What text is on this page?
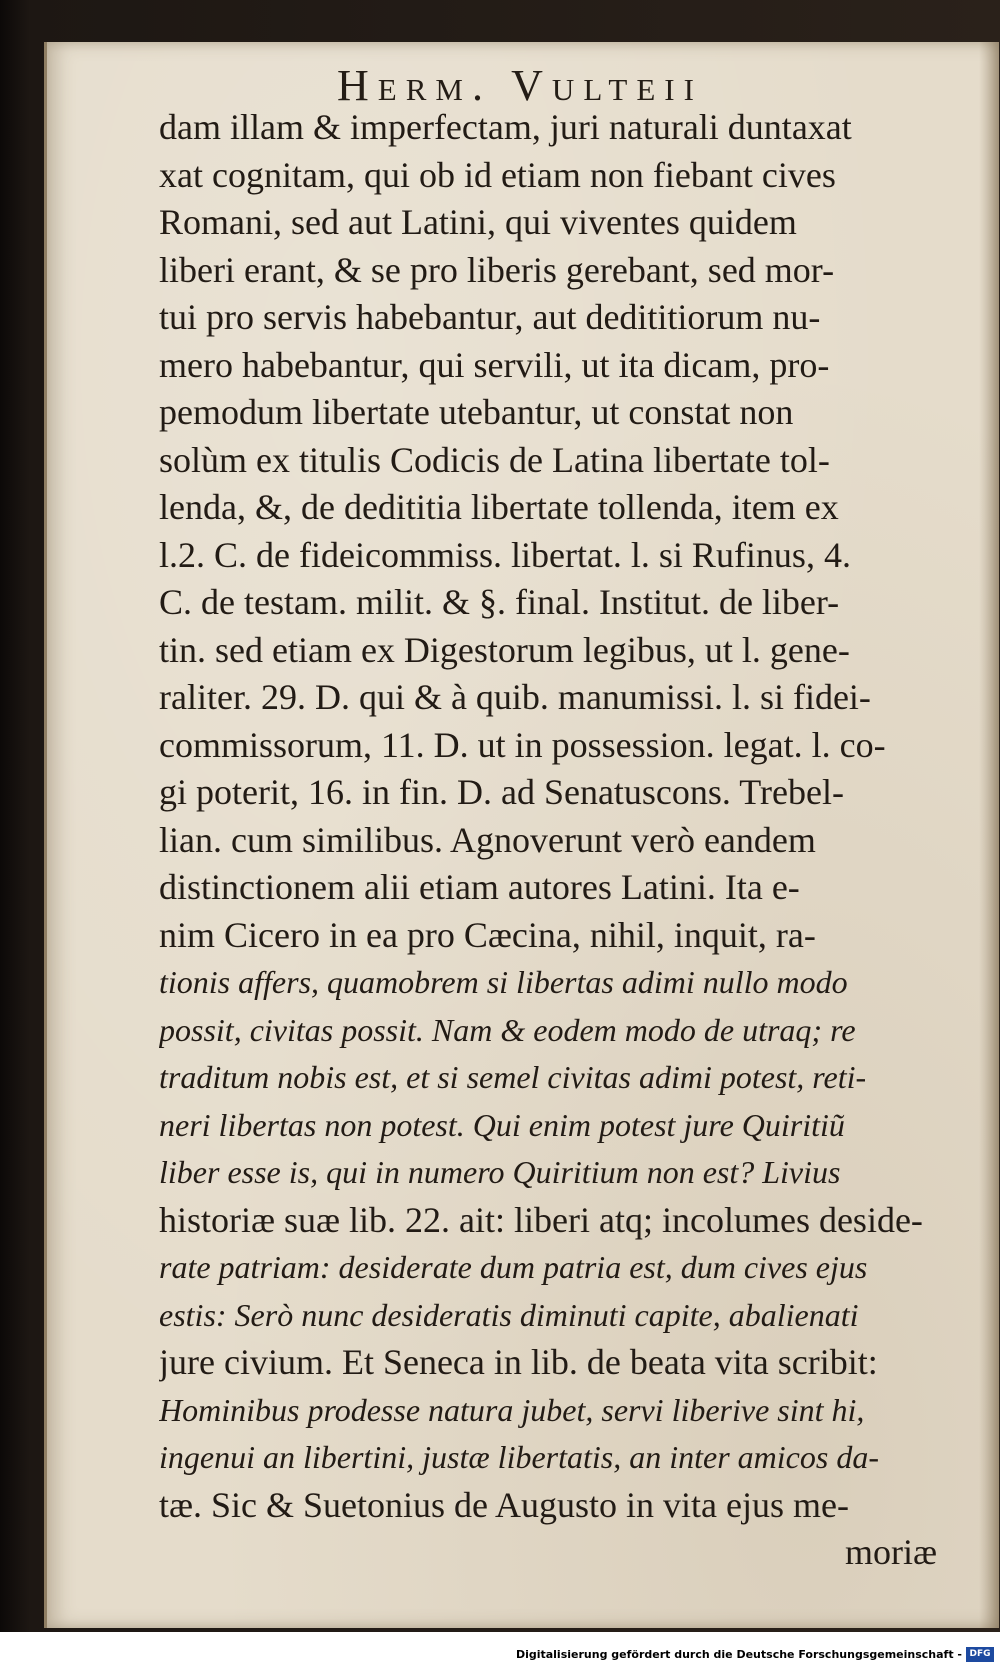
Herm. Vulteii
dam illam & imperfectam, juri naturali duntaxat
xat cognitam, qui ob id etiam non fiebant cives
Romani, sed aut Latini, qui viventes quidem
liberi erant, & se pro liberis gerebant, sed mor-
tui pro servis habebantur, aut dedititiorum nu-
mero habebantur, qui servili, ut ita dicam, pro-
pemodum libertate utebantur, ut constat non
solùm ex titulis Codicis de Latina libertate tol-
lenda, &, de dedititia libertate tollenda, item ex
l.2. C. de fideicommiss. libertat. l. si Rufinus, 4.
C. de testam. milit. & §. final. Institut. de liber-
tin. sed etiam ex Digestorum legibus, ut l. gene-
raliter. 29. D. qui & à quib. manumissi. l. si fidei-
commissorum, 11. D. ut in possession. legat. l. co-
gi poterit, 16. in fin. D. ad Senatuscons. Trebel-
lian. cum similibus. Agnoverunt verò eandem
distinctionem alii etiam autores Latini. Ita e-
nim Cicero in ea pro Cæcina, nihil, inquit, ra-
tionis affers, quamobrem si libertas adimi nullo modo
possit, civitas possit. Nam & eodem modo de utraq; re
traditum nobis est, et si semel civitas adimi potest, reti-
neri libertas non potest. Qui enim potest jure Quiritiũ
liber esse is, qui in numero Quiritium non est? Livius
historiæ suæ lib. 22. ait: liberi atq; incolumes deside-
rate patriam: desiderate dum patria est, dum cives ejus
estis: Serò nunc desideratis diminuti capite, abalienati
jure civium. Et Seneca in lib. de beata vita scribit:
Hominibus prodesse natura jubet, servi liberive sint hi,
ingenui an libertini, justæ libertatis, an inter amicos da-
tæ. Sic & Suetonius de Augusto in vita ejus me-
moriæ
Digitalisierung gefördert durch die Deutsche Forschungsgemeinschaft - DFG
